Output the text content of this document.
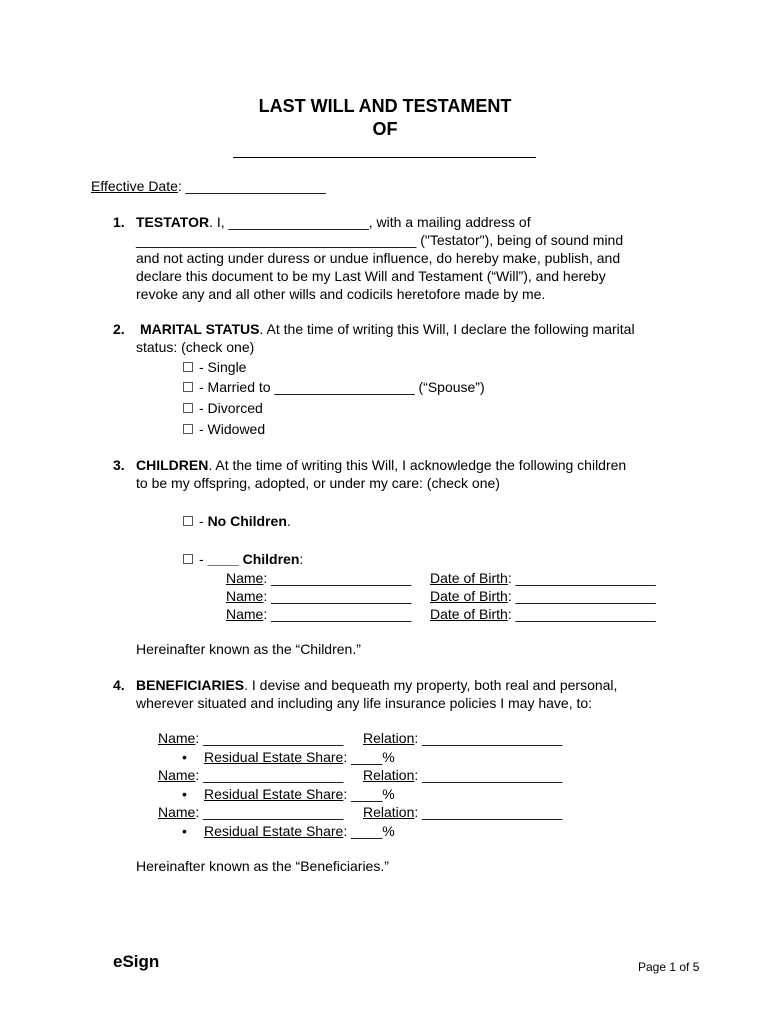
LAST WILL AND TESTAMENT
OF
Effective Date: __________________
1. TESTATOR. I, __________________, with a mailing address of
____________________________________ ("Testator"), being of sound mind
and not acting under duress or undue influence, do hereby make, publish, and
declare this document to be my Last Will and Testament (“Will”), and hereby
revoke any and all other wills and codicils heretofore made by me.
2. MARITAL STATUS. At the time of writing this Will, I declare the following marital
status: (check one)
- Single
- Married to __________________ (“Spouse”)
- Divorced
- Widowed
3. CHILDREN. At the time of writing this Will, I acknowledge the following children
to be my offspring, adopted, or under my care: (check one)
- No Children.
- ____ Children:
Name: __________________ Date of Birth: __________________
Name: __________________ Date of Birth: __________________
Name: __________________ Date of Birth: __________________
Hereinafter known as the “Children.”
4. BENEFICIARIES. I devise and bequeath my property, both real and personal,
wherever situated and including any life insurance policies I may have, to:
Name: __________________ Relation: __________________
• Residual Estate Share: ____%
Name: __________________ Relation: __________________
• Residual Estate Share: ____%
Name: __________________ Relation: __________________
• Residual Estate Share: ____%
Hereinafter known as the “Beneficiaries.”
eSign	Page 1 of 5
